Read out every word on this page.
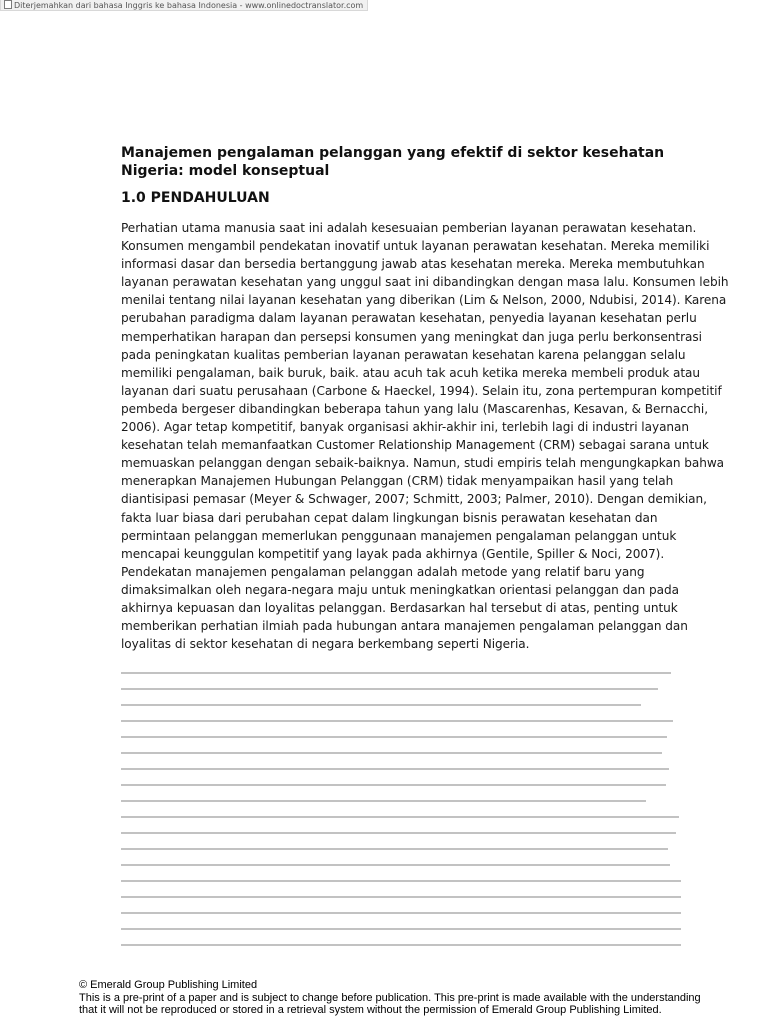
Diterjemahkan dari bahasa Inggris ke bahasa Indonesia - www.onlinedoctranslator.com
Manajemen pengalaman pelanggan yang efektif di sektor kesehatan Nigeria: model konseptual
1.0 PENDAHULUAN
Perhatian utama manusia saat ini adalah kesesuaian pemberian layanan perawatan kesehatan.
Konsumen mengambil pendekatan inovatif untuk layanan perawatan kesehatan. Mereka memiliki
informasi dasar dan bersedia bertanggung jawab atas kesehatan mereka. Mereka membutuhkan
layanan perawatan kesehatan yang unggul saat ini dibandingkan dengan masa lalu. Konsumen lebih
menilai tentang nilai layanan kesehatan yang diberikan (Lim & Nelson, 2000, Ndubisi, 2014). Karena
perubahan paradigma dalam layanan perawatan kesehatan, penyedia layanan kesehatan perlu
memperhatikan harapan dan persepsi konsumen yang meningkat dan juga perlu berkonsentrasi
pada peningkatan kualitas pemberian layanan perawatan kesehatan karena pelanggan selalu
memiliki pengalaman, baik buruk, baik. atau acuh tak acuh ketika mereka membeli produk atau
layanan dari suatu perusahaan (Carbone & Haeckel, 1994). Selain itu, zona pertempuran kompetitif
pembeda bergeser dibandingkan beberapa tahun yang lalu (Mascarenhas, Kesavan, & Bernacchi,
2006). Agar tetap kompetitif, banyak organisasi akhir-akhir ini, terlebih lagi di industri layanan
kesehatan telah memanfaatkan Customer Relationship Management (CRM) sebagai sarana untuk
memuaskan pelanggan dengan sebaik-baiknya. Namun, studi empiris telah mengungkapkan bahwa
menerapkan Manajemen Hubungan Pelanggan (CRM) tidak menyampaikan hasil yang telah
diantisipasi pemasar (Meyer & Schwager, 2007; Schmitt, 2003; Palmer, 2010). Dengan demikian,
fakta luar biasa dari perubahan cepat dalam lingkungan bisnis perawatan kesehatan dan
permintaan pelanggan memerlukan penggunaan manajemen pengalaman pelanggan untuk
mencapai keunggulan kompetitif yang layak pada akhirnya (Gentile, Spiller & Noci, 2007).
Pendekatan manajemen pengalaman pelanggan adalah metode yang relatif baru yang
dimaksimalkan oleh negara-negara maju untuk meningkatkan orientasi pelanggan dan pada
akhirnya kepuasan dan loyalitas pelanggan. Berdasarkan hal tersebut di atas, penting untuk
memberikan perhatian ilmiah pada hubungan antara manajemen pengalaman pelanggan dan
loyalitas di sektor kesehatan di negara berkembang seperti Nigeria.
© Emerald Group Publishing Limited
This is a pre-print of a paper and is subject to change before publication. This pre-print is made available with the understanding
that it will not be reproduced or stored in a retrieval system without the permission of Emerald Group Publishing Limited.
